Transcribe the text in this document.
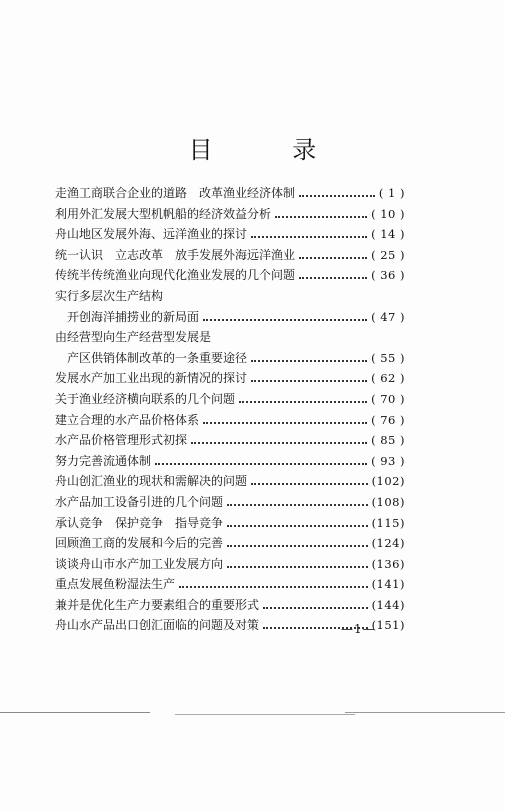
目 录
走渔工商联合企业的道路　改革渔业经济体制	( 1 )
利用外汇发展大型机帆船的经济效益分析	( 10 )
舟山地区发展外海、远洋渔业的探讨	( 14 )
统一认识　立志改革　放手发展外海远洋渔业	( 25 )
传统半传统渔业向现代化渔业发展的几个问题	( 36 )
实行多层次生产结构
开创海洋捕捞业的新局面	( 47 )
由经营型向生产经营型发展是
产区供销体制改革的一条重要途径	( 55 )
发展水产加工业出现的新情况的探讨	( 62 )
关于渔业经济横向联系的几个问题	( 70 )
建立合理的水产品价格体系	( 76 )
水产品价格管理形式初探	( 85 )
努力完善流通体制	( 93 )
舟山创汇渔业的现状和需解决的问题	(102)
水产品加工设备引进的几个问题	(108)
承认竞争　保护竞争　指导竞争	(115)
回顾渔工商的发展和今后的完善	(124)
谈谈舟山市水产加工业发展方向	(136)
重点发展鱼粉湿法生产	(141)
兼并是优化生产力要素组合的重要形式	(144)
舟山水产品出口创汇面临的问题及对策	(151)
—1—
